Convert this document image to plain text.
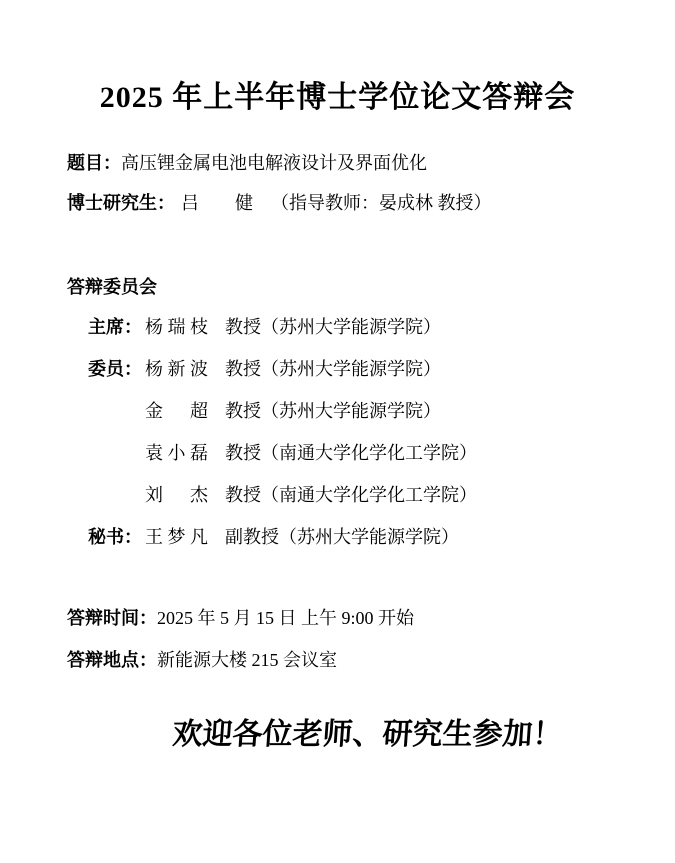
2025 年上半年博士学位论文答辩会
题目：高压锂金属电池电解液设计及界面优化
博士研究生： 吕健 （指导教师：晏成林 教授）
答辩委员会
主席： 杨瑞枝 教授（苏州大学能源学院）
委员： 杨新波 教授（苏州大学能源学院）
金超 教授（苏州大学能源学院）
袁小磊 教授（南通大学化学化工学院）
刘杰 教授（南通大学化学化工学院）
秘书： 王梦凡 副教授（苏州大学能源学院）
答辩时间：2025 年 5 月 15 日 上午 9:00 开始
答辩地点：新能源大楼 215 会议室
欢迎各位老师、研究生参加！
